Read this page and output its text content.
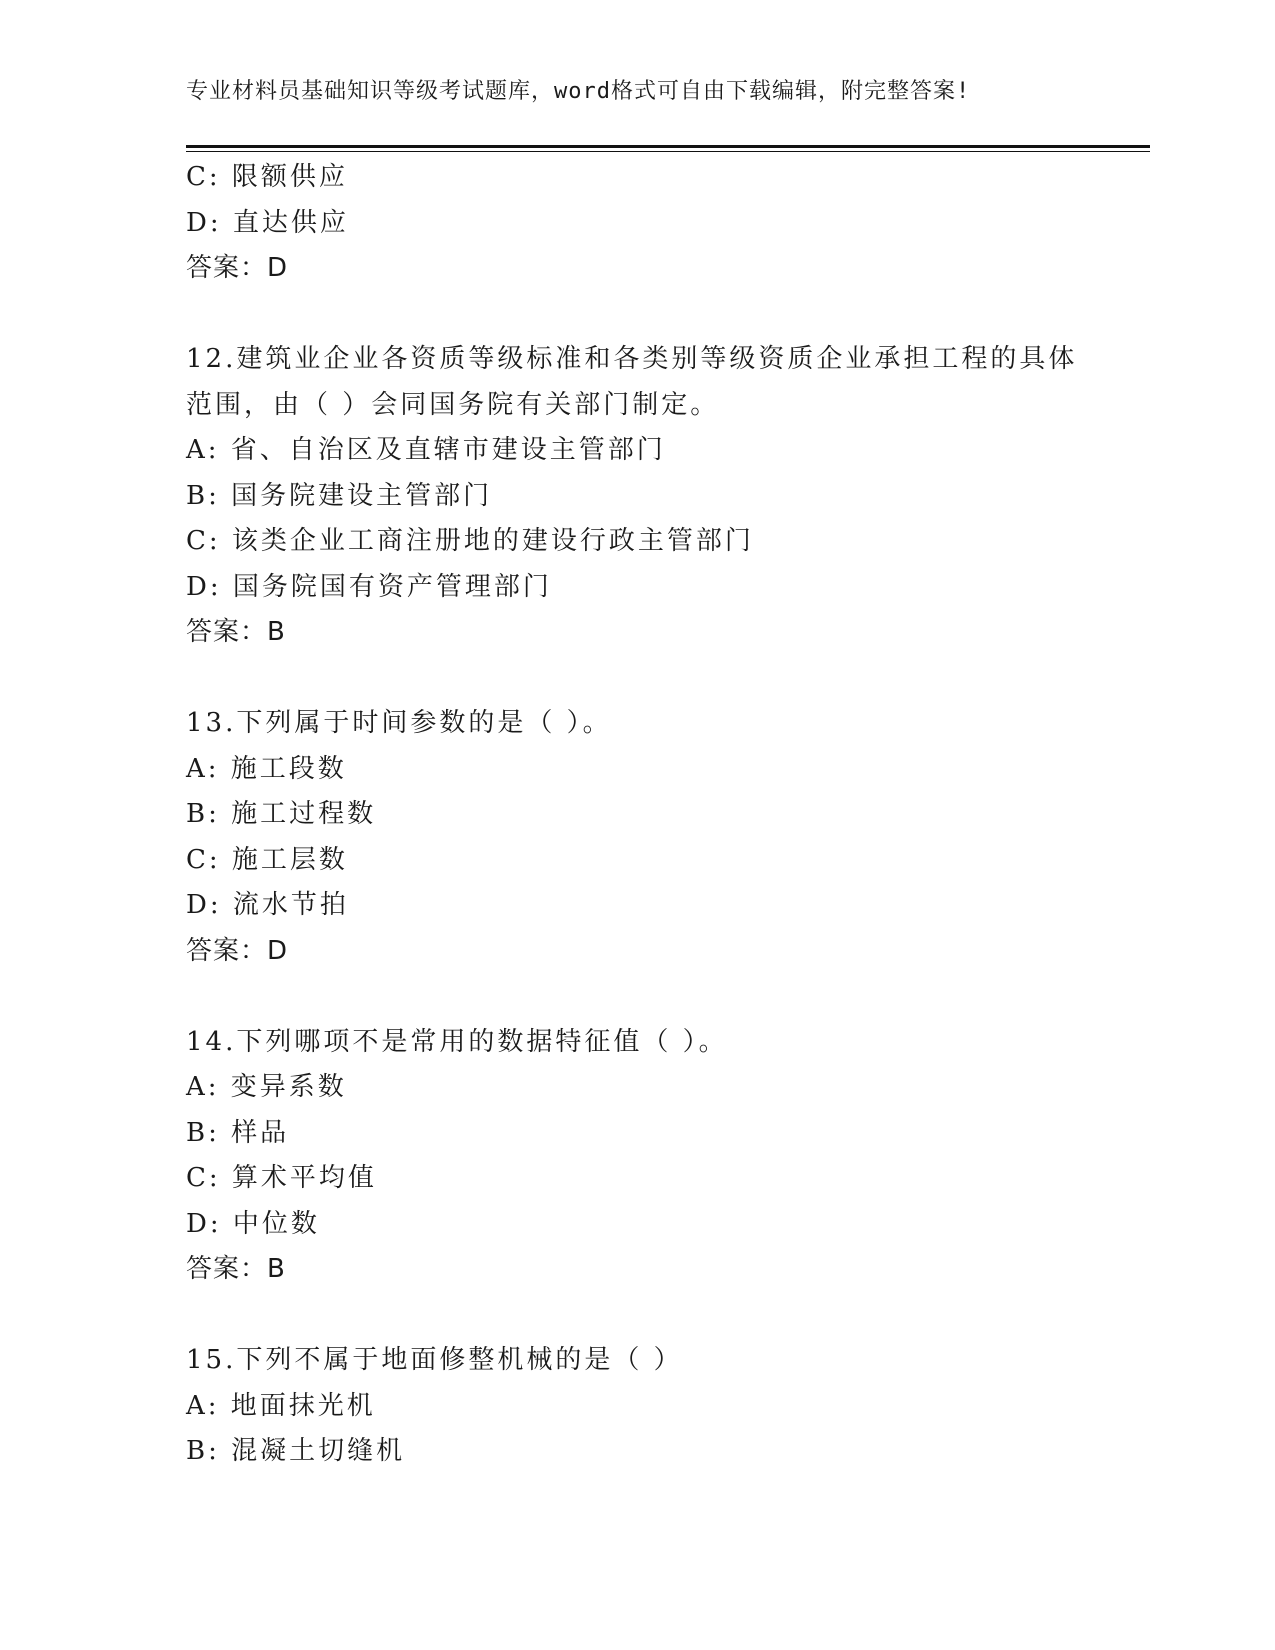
专业材料员基础知识等级考试题库，word格式可自由下载编辑，附完整答案!
C: 限额供应
D: 直达供应
答案：D
12.建筑业企业各资质等级标准和各类别等级资质企业承担工程的具体
范围，由（ ）会同国务院有关部门制定。
A: 省、自治区及直辖市建设主管部门
B: 国务院建设主管部门
C: 该类企业工商注册地的建设行政主管部门
D: 国务院国有资产管理部门
答案：B
13.下列属于时间参数的是（ ）。
A: 施工段数
B: 施工过程数
C: 施工层数
D: 流水节拍
答案：D
14.下列哪项不是常用的数据特征值（ ）。
A: 变异系数
B: 样品
C: 算术平均值
D: 中位数
答案：B
15.下列不属于地面修整机械的是（ ）
A: 地面抹光机
B: 混凝土切缝机
